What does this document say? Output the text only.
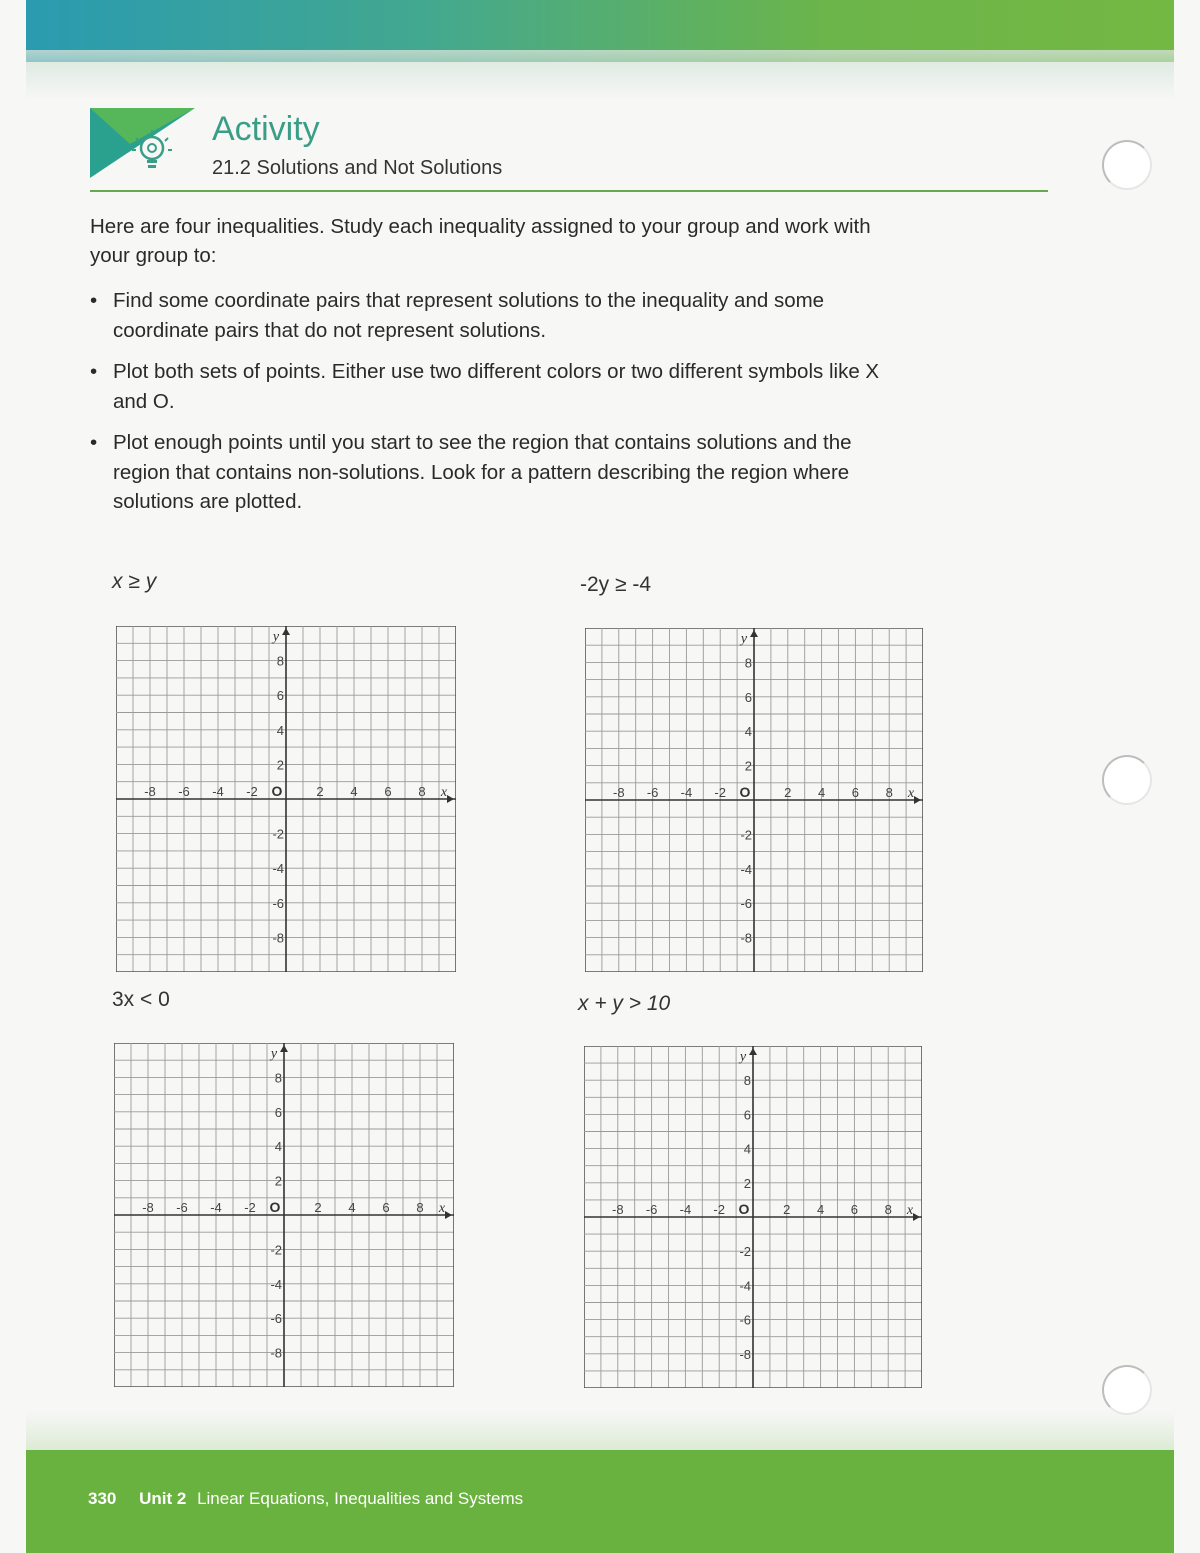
Activity
21.2 Solutions and Not Solutions

Here are four inequalities. Study each inequality assigned to your group and work with your group to:

• Find some coordinate pairs that represent solutions to the inequality and some coordinate pairs that do not represent solutions.
• Plot both sets of points. Either use two different colors or two different symbols like X and O.
• Plot enough points until you start to see the region that contains solutions and the region that contains non-solutions. Look for a pattern describing the region where solutions are plotted.
x ≥ y	-2y ≥ -4
3x < 0	x + y > 10
-8 -6 -4 -2	2 4 6 8
8
6
4
2
-2
-4
-6
-8
x
y
O	-8 -6 -4 -2	2 4 6 8
8
6
4
2
-2
-4
-6
-8
x
y
O
-8 -6 -4 -2	2 4 6 8
8
6
4
2
-2
-4
-6
-8
x
y
O	-8 -6 -4 -2	2 4 6 8
8
6
4
2
-2
-4
-6
-8
x
y
O
330 Unit 2 Linear Equations, Inequalities and Systems
